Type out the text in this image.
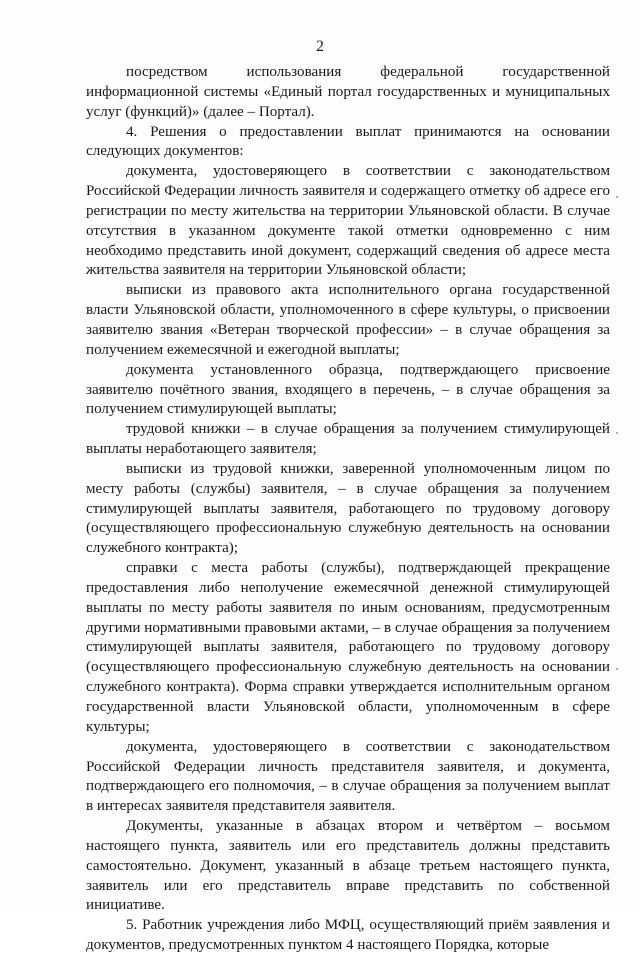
2

посредством использования федеральной государственной информационной системы «Единый портал государственных и муниципальных услуг (функций)» (далее – Портал).

4. Решения о предоставлении выплат принимаются на основании следующих документов:

документа, удостоверяющего в соответствии с законодательством Российской Федерации личность заявителя и содержащего отметку об адресе его регистрации по месту жительства на территории Ульяновской области. В случае отсутствия в указанном документе такой отметки одновременно с ним необходимо представить иной документ, содержащий сведения об адресе места жительства заявителя на территории Ульяновской области;

выписки из правового акта исполнительного органа государственной власти Ульяновской области, уполномоченного в сфере культуры, о присвоении заявителю звания «Ветеран творческой профессии» – в случае обращения за получением ежемесячной и ежегодной выплаты;

документа установленного образца, подтверждающего присвоение заявителю почётного звания, входящего в перечень, – в случае обращения за получением стимулирующей выплаты;

трудовой книжки – в случае обращения за получением стимулирующей выплаты неработающего заявителя;

выписки из трудовой книжки, заверенной уполномоченным лицом по месту работы (службы) заявителя, – в случае обращения за получением стимулирующей выплаты заявителя, работающего по трудовому договору (осуществляющего профессиональную служебную деятельность на основании служебного контракта);

справки с места работы (службы), подтверждающей прекращение предоставления либо неполучение ежемесячной денежной стимулирующей выплаты по месту работы заявителя по иным основаниям, предусмотренным другими нормативными правовыми актами, – в случае обращения за получением стимулирующей выплаты заявителя, работающего по трудовому договору (осуществляющего профессиональную служебную деятельность на основании служебного контракта). Форма справки утверждается исполнительным органом государственной власти Ульяновской области, уполномоченным в сфере культуры;

документа, удостоверяющего в соответствии с законодательством Российской Федерации личность представителя заявителя, и документа, подтверждающего его полномочия, – в случае обращения за получением выплат в интересах заявителя представителя заявителя.

Документы, указанные в абзацах втором и четвёртом – восьмом настоящего пункта, заявитель или его представитель должны представить самостоятельно. Документ, указанный в абзаце третьем настоящего пункта, заявитель или его представитель вправе представить по собственной инициативе.

5. Работник учреждения либо МФЦ, осуществляющий приём заявления и документов, предусмотренных пунктом 4 настоящего Порядка, которые
